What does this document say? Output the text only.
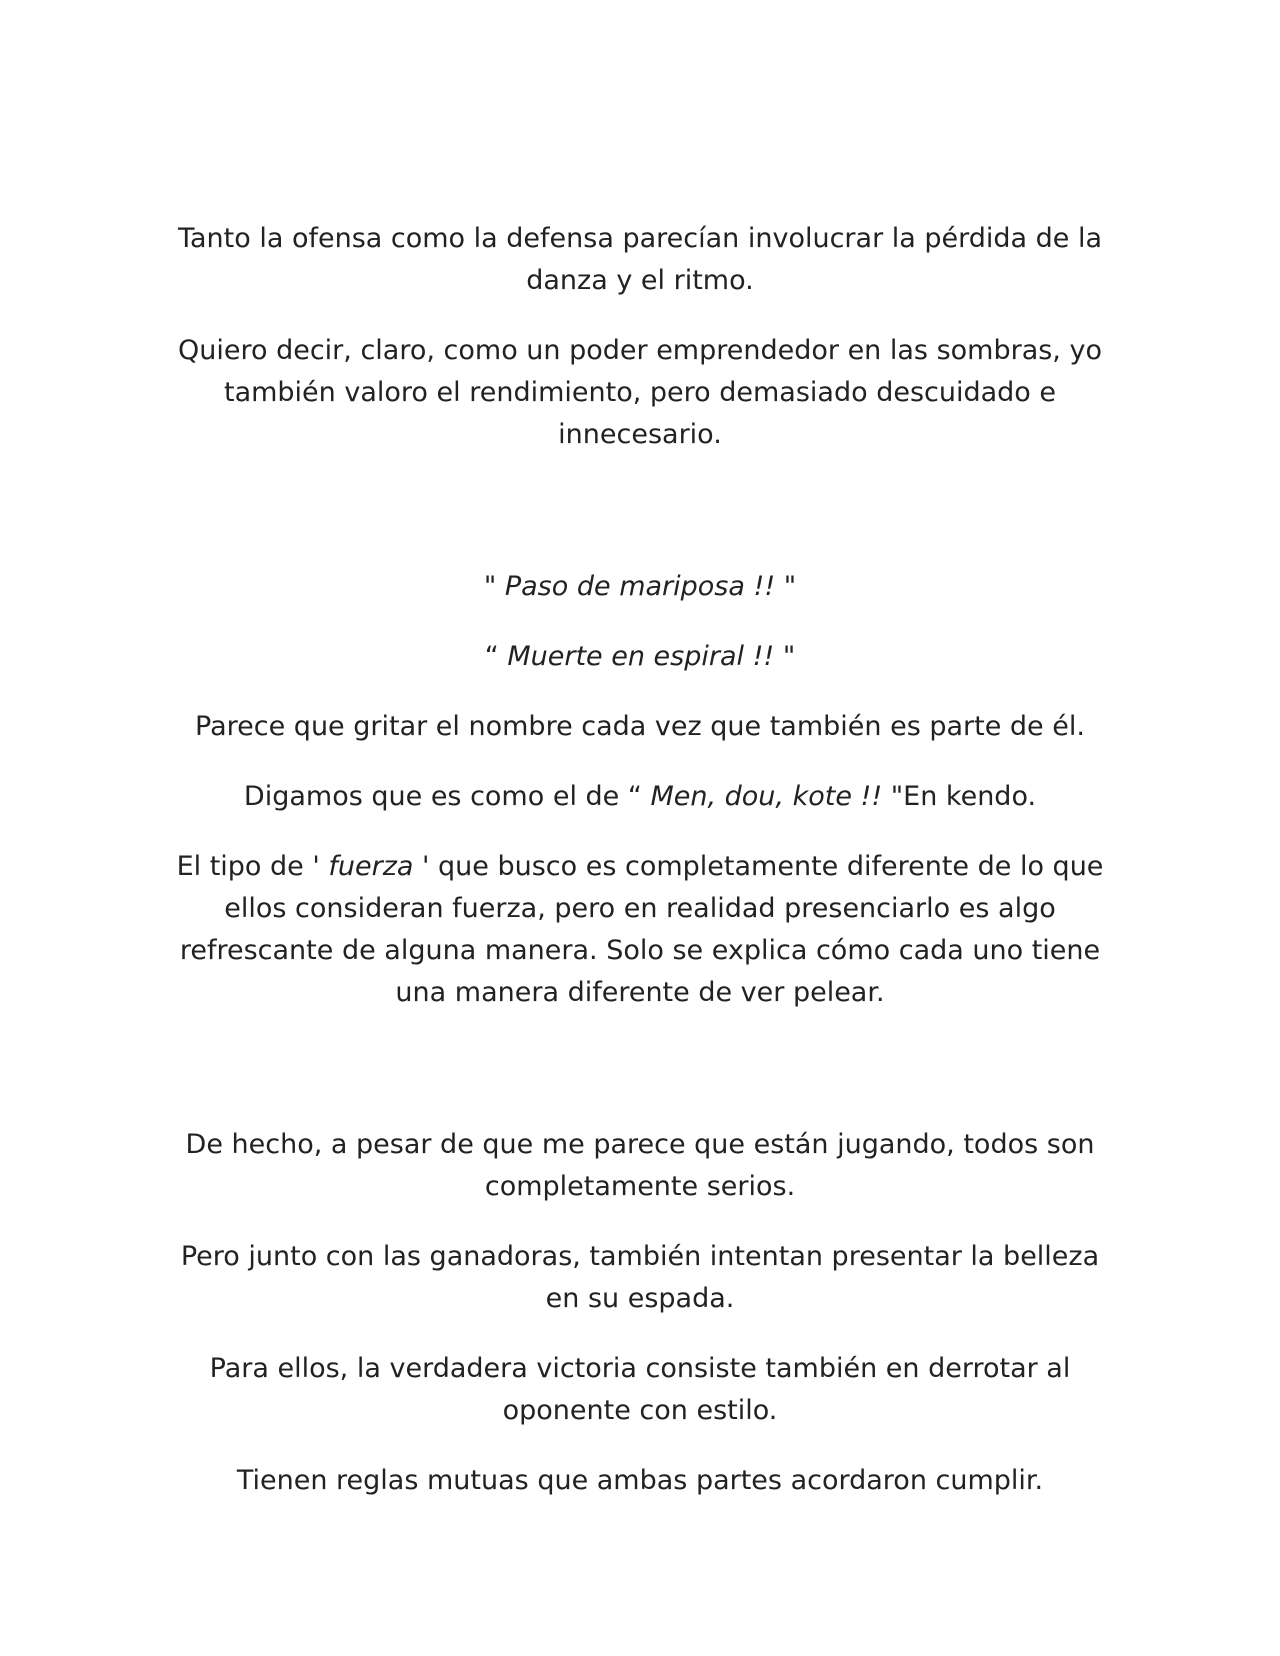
Tanto la ofensa como la defensa parecían involucrar la pérdida de la danza y el ritmo.

Quiero decir, claro, como un poder emprendedor en las sombras, yo también valoro el rendimiento, pero demasiado descuidado e innecesario.

" Paso de mariposa !! "

“ Muerte en espiral !! "

Parece que gritar el nombre cada vez que también es parte de él.

Digamos que es como el de “ Men, dou, kote !! "En kendo.

El tipo de ' fuerza ' que busco es completamente diferente de lo que ellos consideran fuerza, pero en realidad presenciarlo es algo refrescante de alguna manera. Solo se explica cómo cada uno tiene una manera diferente de ver pelear.

De hecho, a pesar de que me parece que están jugando, todos son completamente serios.

Pero junto con las ganadoras, también intentan presentar la belleza en su espada.

Para ellos, la verdadera victoria consiste también en derrotar al oponente con estilo.

Tienen reglas mutuas que ambas partes acordaron cumplir.
